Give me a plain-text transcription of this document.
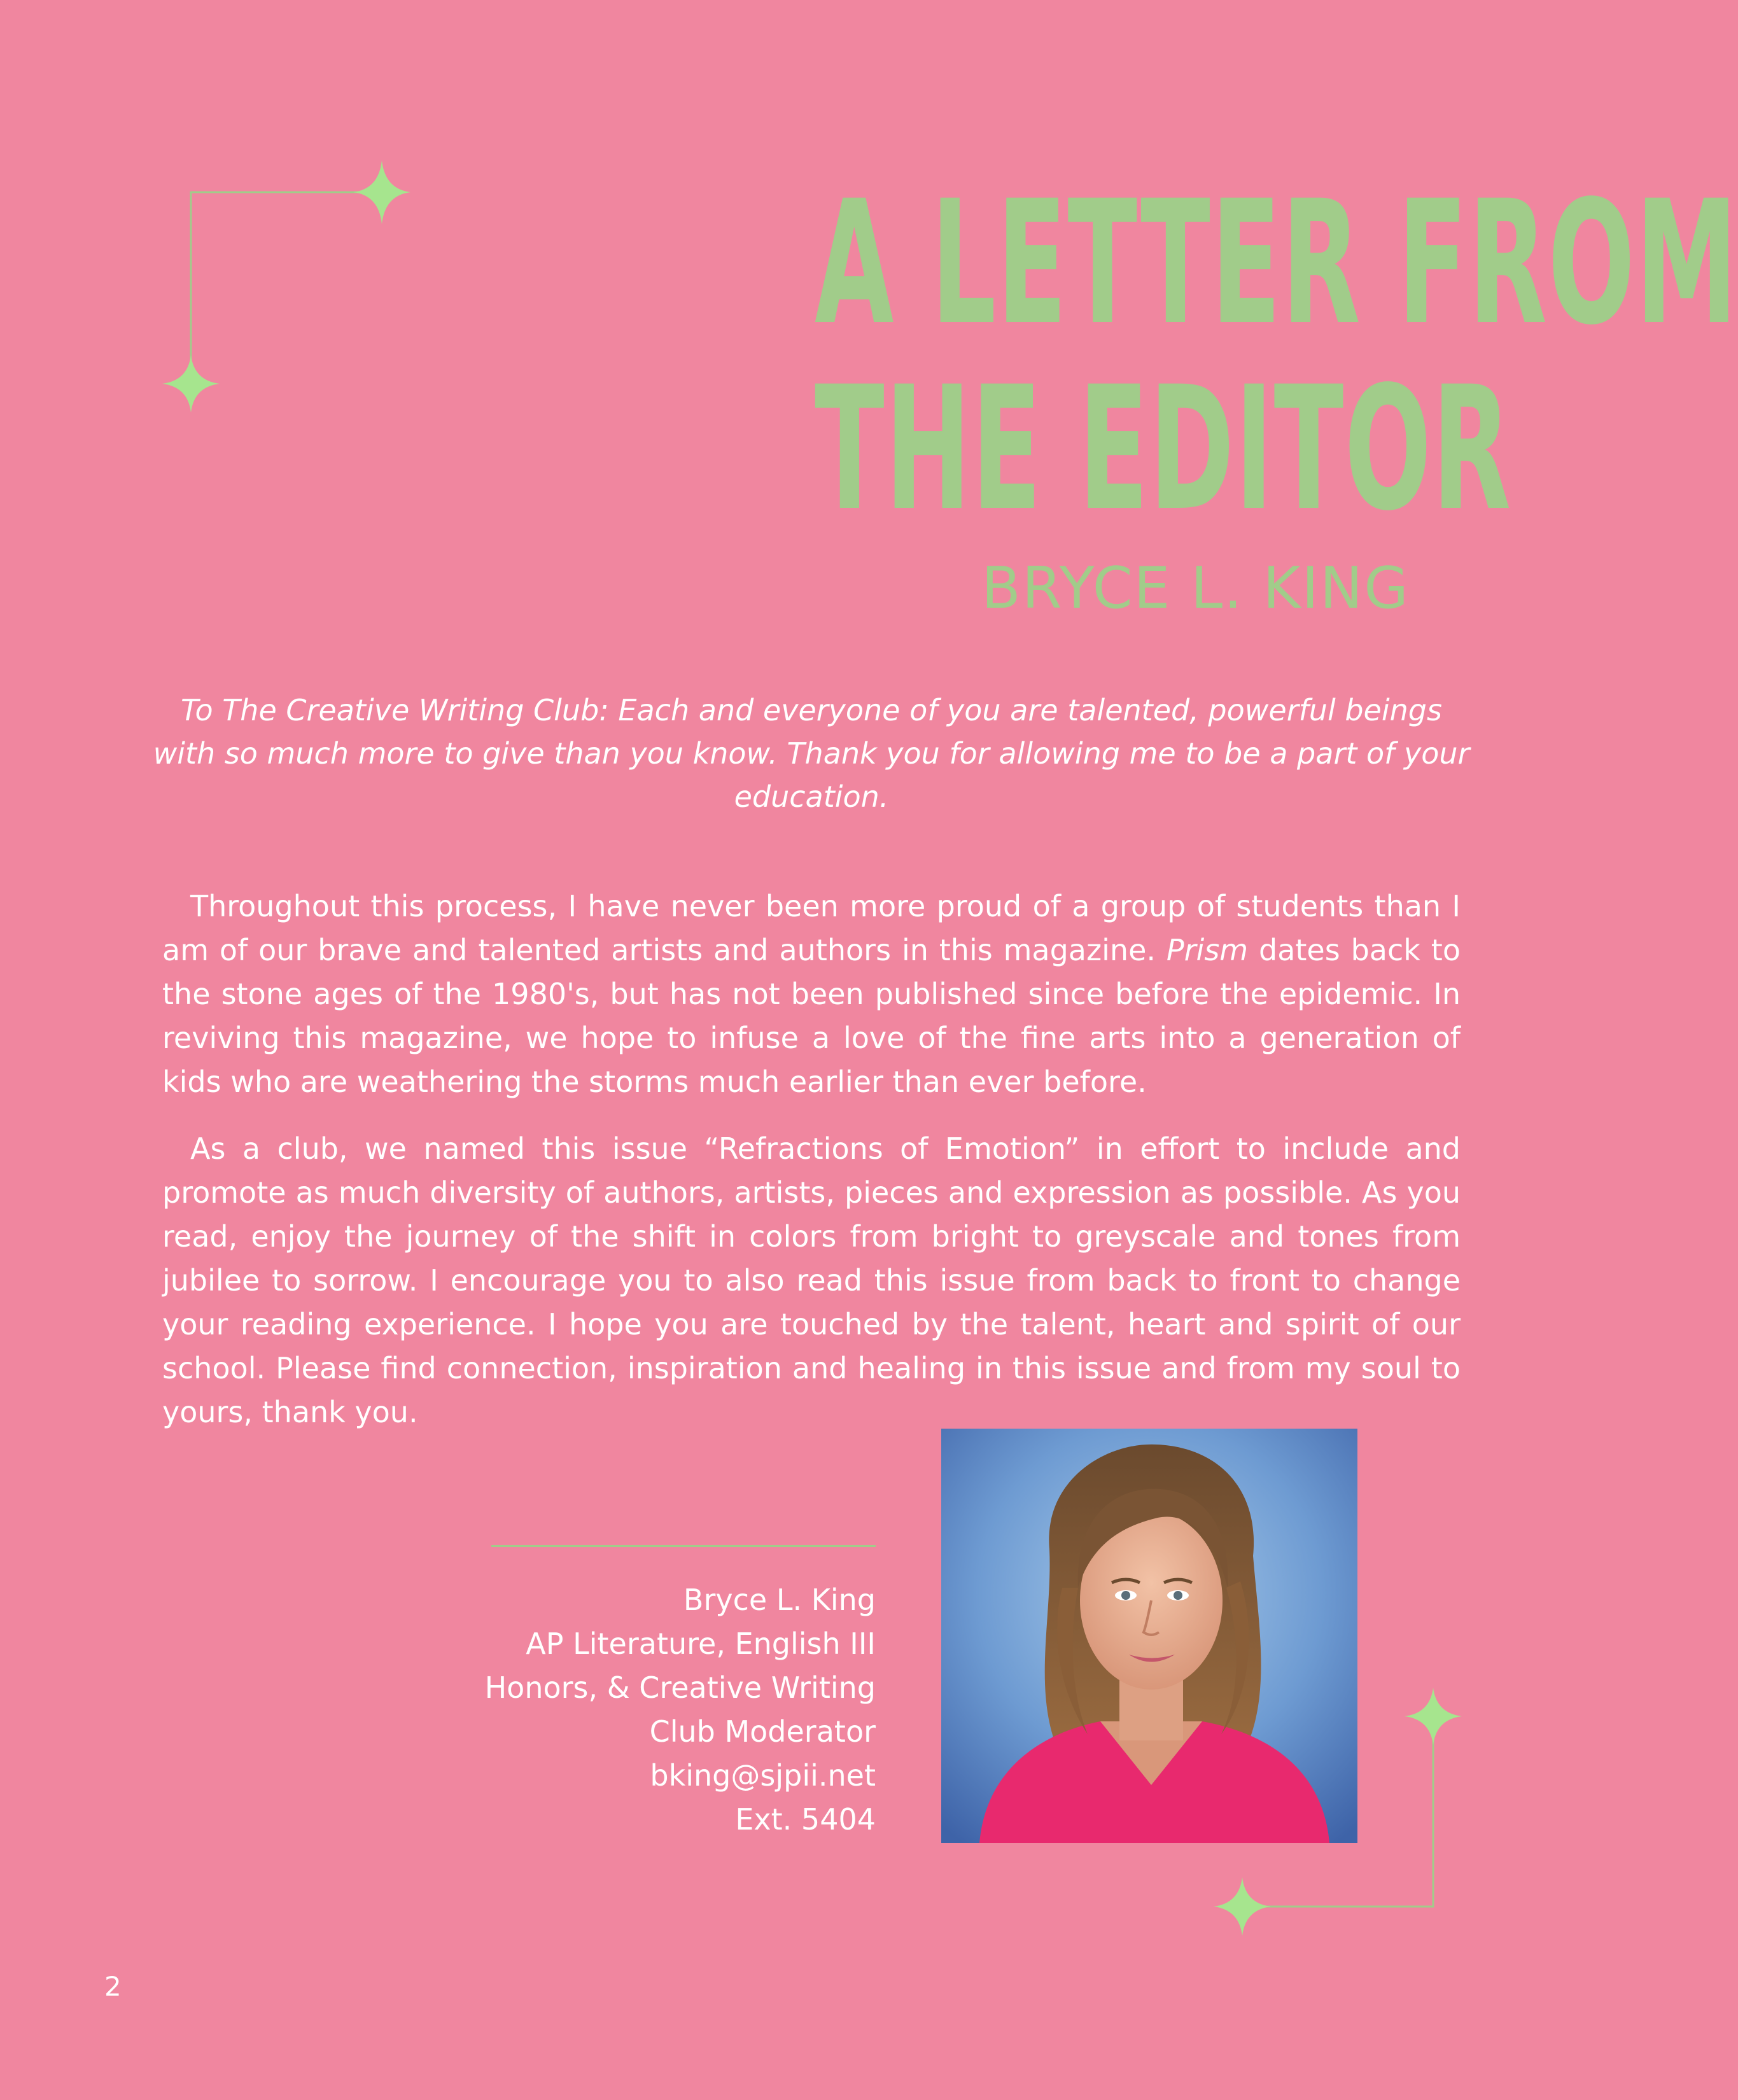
A LETTER FROM
THE EDITOR
BRYCE L. KING
To The Creative Writing Club: Each and everyone of you are talented, powerful beings with so much more to give than you know. Thank you for allowing me to be a part of your education.

Throughout this process, I have never been more proud of a group of students than I am of our brave and talented artists and authors in this magazine. Prism dates back to the stone ages of the 1980's, but has not been published since before the epidemic. In reviving this magazine, we hope to infuse a love of the fine arts into a generation of kids who are weathering the storms much earlier than ever before.

As a club, we named this issue “Refractions of Emotion” in effort to include and promote as much diversity of authors, artists, pieces and expression as possible. As you read, enjoy the journey of the shift in colors from bright to greyscale and tones from jubilee to sorrow. I encourage you to also read this issue from back to front to change your reading experience. I hope you are touched by the talent, heart and spirit of our school. Please find connection, inspiration and healing in this issue and from my soul to yours, thank you.

Bryce L. King
AP Literature, English III
Honors, & Creative Writing
Club Moderator
bking@sjpii.net
Ext. 5404
2
